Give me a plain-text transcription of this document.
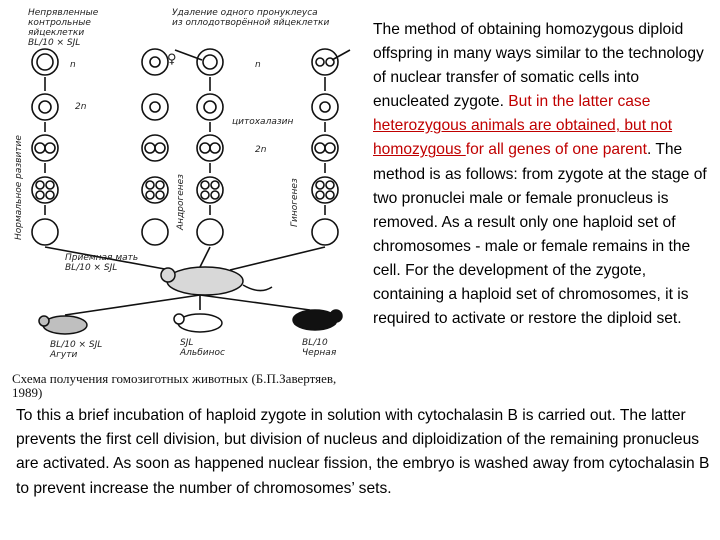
Непрявленные
контрольные
яйцеклетки
BL/10 × SJL
Удаление одного пронуклеуса
из оплодотворённой яйцеклетки
n	♀	n
2n
цитохалазин
2n
Нормальное развитие	Андрогенез	Гиногенез
Приемная мать
BL/10 × SJL
BL/10 × SJL
Агути
SJL
Альбинос
BL/10
Черная
Схема получения гомозиготных животных (Б.П.Завертяев,
1989)
The method of obtaining homozygous diploid offspring in many ways similar to the technology of nuclear transfer of somatic cells into enucleated zygote. But in the latter case heterozygous animals are obtained, but not homozygous for all genes of one parent. The method is as follows: from zygote at the stage of two pronuclei male or female pronucleus is removed. As a result only one haploid set of chromosomes - male or female remains in the cell. For the development of the zygote, containing a haploid set of chromosomes, it is required to activate or restore the diploid set.
To this a brief incubation of haploid zygote in solution with cytochalasin B is carried out. The latter prevents the first cell division, but division of nucleus and diploidization of the remaining pronucleus are activated. As soon as happened nuclear fission, the embryo is washed away from cytochalasin B to prevent increase the number of chromosomes’ sets.
